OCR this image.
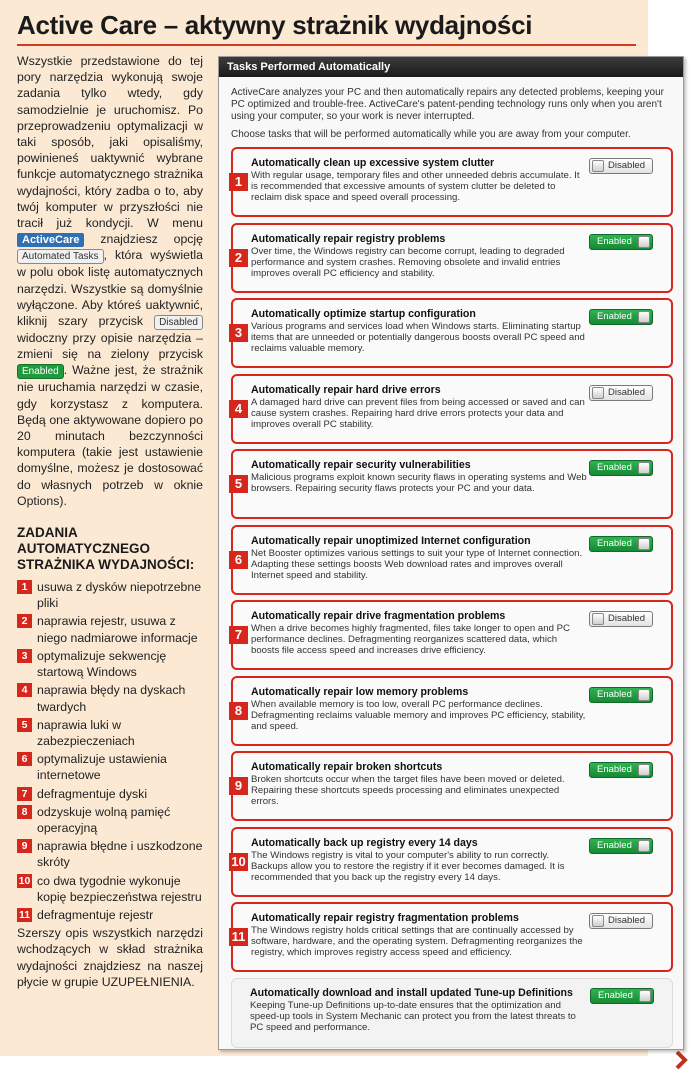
Active Care – aktywny strażnik wydajności

Wszystkie przedstawione do tej pory narzędzia wykonują swoje zadania tylko wtedy, gdy samodzielnie je uruchomisz. Po przeprowadzeniu optymalizacji w taki sposób, jaki opisaliśmy, powinieneś uaktywnić wybrane funkcje automatycznego strażnika wydajności, który zadba o to, aby twój komputer w przyszłości nie tracił już kondycji. W menu ActiveCare znajdziesz opcję Automated Tasks , która wyświetla w polu obok listę automatycznych narzędzi. Wszystkie są domyślnie wyłączone. Aby któreś uaktywnić, kliknij szary przycisk Disabled widoczny przy opisie narzędzia – zmieni się na zielony przycisk Enabled . Ważne jest, że strażnik nie uruchamia narzędzi w czasie, gdy korzystasz z komputera. Będą one aktywowane dopiero po 20 minutach bezczynności komputera (takie jest ustawienie domyślne, możesz je dostosować do własnych potrzeb w oknie Options).

ZADANIA AUTOMATYCZNEGO STRAŻNIKA WYDAJNOŚCI:
1 usuwa z dysków niepotrzebne pliki
2 naprawia rejestr, usuwa z niego nadmiarowe informacje
3 optymalizuje sekwencję startową Windows
4 naprawia błędy na dyskach twardych
5 naprawia luki w zabezpieczeniach
6 optymalizuje ustawienia internetowe
7 defragmentuje dyski
8 odzyskuje wolną pamięć operacyjną
9 naprawia błędne i uszkodzone skróty
10 co dwa tygodnie wykonuje kopię bezpieczeństwa rejestru
11 defragmentuje rejestr

Szerszy opis wszystkich narzędzi wchodzących w skład strażnika wydajności znajdziesz na naszej płycie w grupie UZUPEŁNIENIA.

Tasks Performed Automatically

ActiveCare analyzes your PC and then automatically repairs any detected problems, keeping your PC optimized and trouble-free. ActiveCare's patent-pending technology runs only when you aren't using your computer, so your work is never interrupted.

Choose tasks that will be performed automatically while you are away from your computer.

1
Automatically clean up excessive system clutter
With regular usage, temporary files and other unneeded debris accumulate. It is recommended that excessive amounts of system clutter be deleted to reclaim disk space and speed overall processing.
Disabled
2
Automatically repair registry problems
Over time, the Windows registry can become corrupt, leading to degraded performance and system crashes. Removing obsolete and invalid entries improves overall PC efficiency and stability.
Enabled
3
Automatically optimize startup configuration
Various programs and services load when Windows starts. Eliminating startup items that are unneeded or potentially dangerous boosts overall PC speed and reclaims valuable memory.
Enabled
4
Automatically repair hard drive errors
A damaged hard drive can prevent files from being accessed or saved and can cause system crashes. Repairing hard drive errors protects your data and improves overall PC stability.
Disabled
5
Automatically repair security vulnerabilities
Malicious programs exploit known security flaws in operating systems and Web browsers. Repairing security flaws protects your PC and your data.
Enabled
6
Automatically repair unoptimized Internet configuration
Net Booster optimizes various settings to suit your type of Internet connection. Adapting these settings boosts Web download rates and improves overall Internet speed and stability.
Enabled
7
Automatically repair drive fragmentation problems
When a drive becomes highly fragmented, files take longer to open and PC performance declines. Defragmenting reorganizes scattered data, which boosts file access speed and increases drive efficiency.
Disabled
8
Automatically repair low memory problems
When available memory is too low, overall PC performance declines. Defragmenting reclaims valuable memory and improves PC efficiency, stability, and speed.
Enabled
9
Automatically repair broken shortcuts
Broken shortcuts occur when the target files have been moved or deleted. Repairing these shortcuts speeds processing and eliminates unexpected errors.
Enabled
10
Automatically back up registry every 14 days
The Windows registry is vital to your computer's ability to run correctly. Backups allow you to restore the registry if it ever becomes damaged. It is recommended that you back up the registry every 14 days.
Enabled
11
Automatically repair registry fragmentation problems
The Windows registry holds critical settings that are continually accessed by software, hardware, and the operating system. Defragmenting reorganizes the registry, which improves registry access speed and efficiency.
Disabled
Automatically download and install updated Tune-up Definitions
Keeping Tune-up Definitions up-to-date ensures that the optimization and speed-up tools in System Mechanic can protect you from the latest threats to PC speed and performance.
Enabled
